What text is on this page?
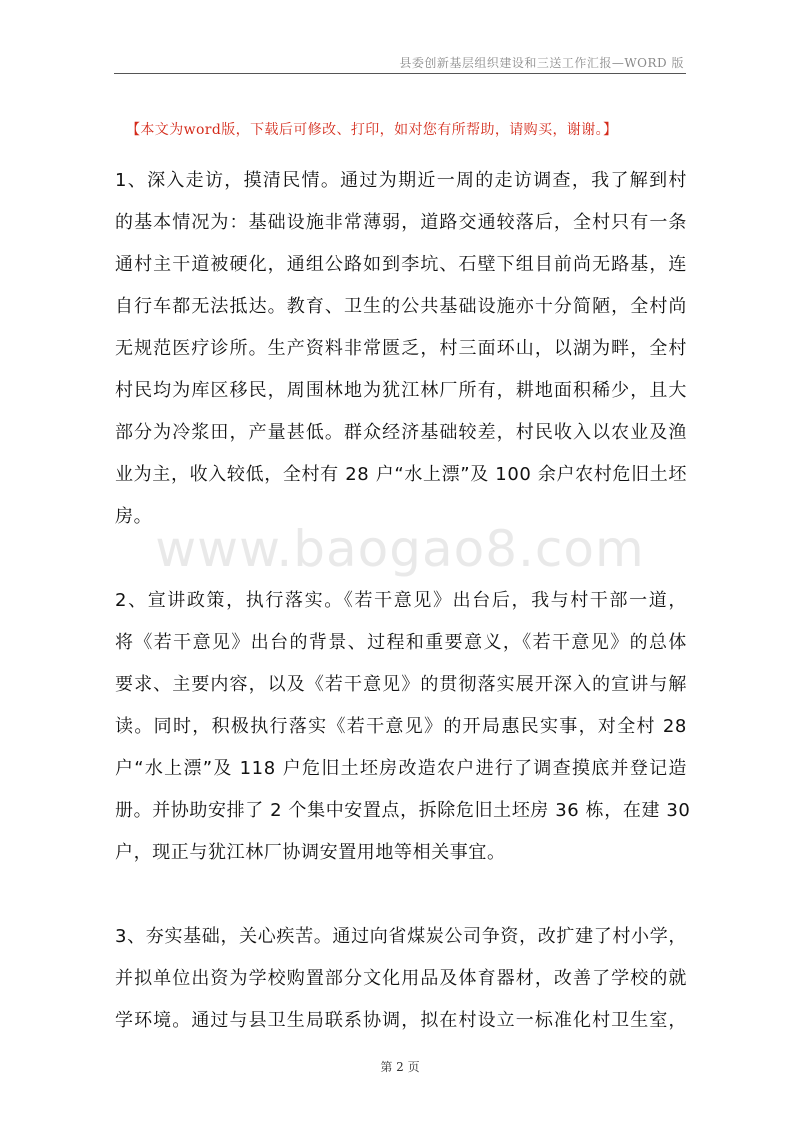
县委创新基层组织建设和三送工作汇报—WORD 版
【本文为word版，下载后可修改、打印，如对您有所帮助，请购买，谢谢。】
www.baogao8.com
1、深入走访，摸清民情。通过为期近一周的走访调查，我了解到村
的基本情况为：基础设施非常薄弱，道路交通较落后，全村只有一条
通村主干道被硬化，通组公路如到李坑、石壁下组目前尚无路基，连
自行车都无法抵达。教育、卫生的公共基础设施亦十分简陋，全村尚
无规范医疗诊所。生产资料非常匮乏，村三面环山，以湖为畔，全村
村民均为库区移民，周围林地为犹江林厂所有，耕地面积稀少，且大
部分为冷浆田，产量甚低。群众经济基础较差，村民收入以农业及渔
业为主，收入较低，全村有 28 户“水上漂”及 100 余户农村危旧土坯
房。
2、宣讲政策，执行落实。《若干意见》出台后，我与村干部一道，
将《若干意见》出台的背景、过程和重要意义，《若干意见》的总体
要求、主要内容，以及《若干意见》的贯彻落实展开深入的宣讲与解
读。同时，积极执行落实《若干意见》的开局惠民实事，对全村 28
户“水上漂”及 118 户危旧土坯房改造农户进行了调查摸底并登记造
册。并协助安排了 2 个集中安置点，拆除危旧土坯房 36 栋，在建 30
户，现正与犹江林厂协调安置用地等相关事宜。
3、夯实基础，关心疾苦。通过向省煤炭公司争资，改扩建了村小学，
并拟单位出资为学校购置部分文化用品及体育器材，改善了学校的就
学环境。通过与县卫生局联系协调，拟在村设立一标准化村卫生室，
第 2 页
